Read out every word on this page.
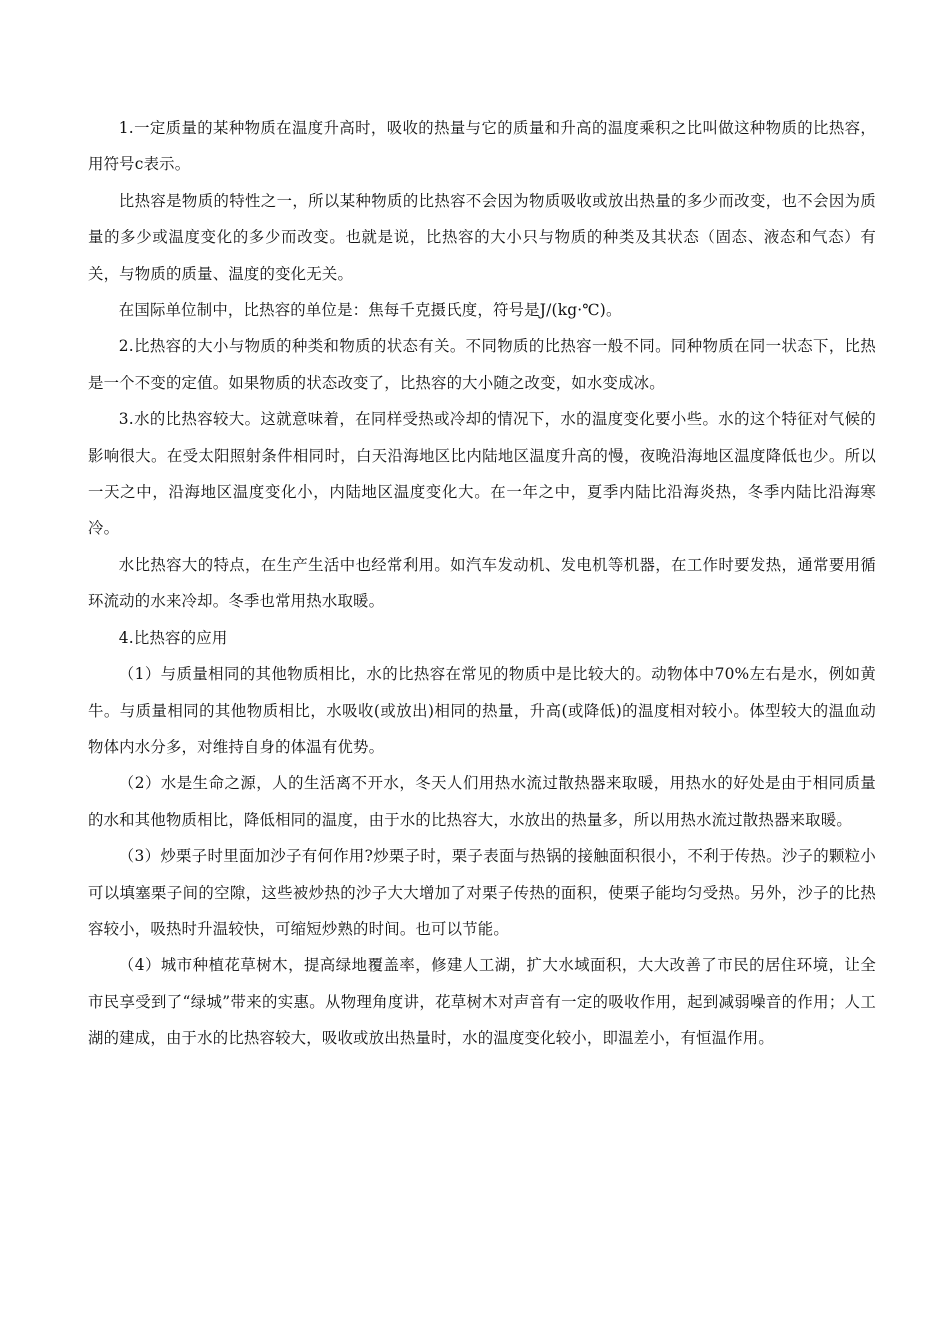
1.一定质量的某种物质在温度升高时，吸收的热量与它的质量和升高的温度乘积之比叫做这种物质的比热容，用符号c表示。

比热容是物质的特性之一，所以某种物质的比热容不会因为物质吸收或放出热量的多少而改变，也不会因为质量的多少或温度变化的多少而改变。也就是说，比热容的大小只与物质的种类及其状态（固态、液态和气态）有关，与物质的质量、温度的变化无关。

在国际单位制中，比热容的单位是：焦每千克摄氏度，符号是J/(kg·℃)。

2.比热容的大小与物质的种类和物质的状态有关。不同物质的比热容一般不同。同种物质在同一状态下，比热是一个不变的定值。如果物质的状态改变了，比热容的大小随之改变，如水变成冰。

3.水的比热容较大。这就意味着，在同样受热或冷却的情况下，水的温度变化要小些。水的这个特征对气候的影响很大。在受太阳照射条件相同时，白天沿海地区比内陆地区温度升高的慢，夜晚沿海地区温度降低也少。所以一天之中，沿海地区温度变化小，内陆地区温度变化大。在一年之中，夏季内陆比沿海炎热，冬季内陆比沿海寒冷。

水比热容大的特点，在生产生活中也经常利用。如汽车发动机、发电机等机器，在工作时要发热，通常要用循环流动的水来冷却。冬季也常用热水取暖。

4.比热容的应用

（1）与质量相同的其他物质相比，水的比热容在常见的物质中是比较大的。动物体中70%左右是水，例如黄牛。与质量相同的其他物质相比，水吸收(或放出)相同的热量，升高(或降低)的温度相对较小。体型较大的温血动物体内水分多，对维持自身的体温有优势。

（2）水是生命之源，人的生活离不开水，冬天人们用热水流过散热器来取暖，用热水的好处是由于相同质量的水和其他物质相比，降低相同的温度，由于水的比热容大，水放出的热量多，所以用热水流过散热器来取暖。

（3）炒栗子时里面加沙子有何作用?炒栗子时，栗子表面与热锅的接触面积很小，不利于传热。沙子的颗粒小可以填塞栗子间的空隙，这些被炒热的沙子大大增加了对栗子传热的面积，使栗子能均匀受热。另外，沙子的比热容较小，吸热时升温较快，可缩短炒熟的时间。也可以节能。

（4）城市种植花草树木，提高绿地覆盖率，修建人工湖，扩大水域面积，大大改善了市民的居住环境，让全市民享受到了“绿城”带来的实惠。从物理角度讲，花草树木对声音有一定的吸收作用，起到减弱噪音的作用；人工湖的建成，由于水的比热容较大，吸收或放出热量时，水的温度变化较小，即温差小，有恒温作用。
